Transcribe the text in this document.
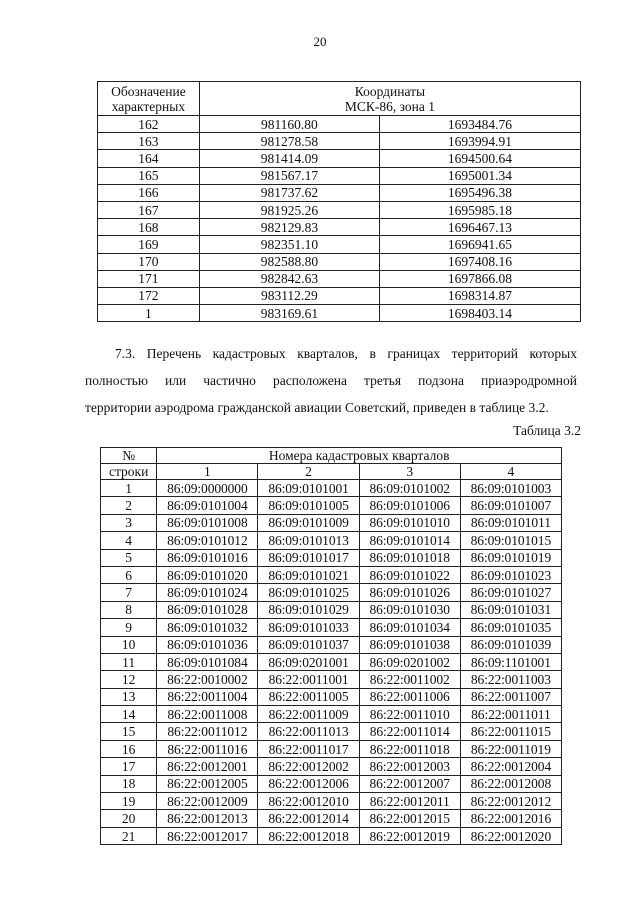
20
Обозначение характерных	Координаты
МСК-86, зона 1	

162	981160.80	1693484.76
163	981278.58	1693994.91
164	981414.09	1694500.64
165	981567.17	1695001.34
166	981737.62	1695496.38
167	981925.26	1695985.18
168	982129.83	1696467.13
169	982351.10	1696941.65
170	982588.80	1697408.16
171	982842.63	1697866.08
172	983112.29	1698314.87
1	983169.61	1698403.14
7.3. Перечень кадастровых кварталов, в границах территорий которых
полностью или частично расположена третья подзона приаэродромной
территории аэродрома гражданской авиации Советский, приведен в таблице 3.2.
Таблица 3.2
№	Номера кадастровых кварталов			
строки	1	2	3	4
1	86:09:0000000	86:09:0101001	86:09:0101002	86:09:0101003
2	86:09:0101004	86:09:0101005	86:09:0101006	86:09:0101007
3	86:09:0101008	86:09:0101009	86:09:0101010	86:09:0101011
4	86:09:0101012	86:09:0101013	86:09:0101014	86:09:0101015
5	86:09:0101016	86:09:0101017	86:09:0101018	86:09:0101019
6	86:09:0101020	86:09:0101021	86:09:0101022	86:09:0101023
7	86:09:0101024	86:09:0101025	86:09:0101026	86:09:0101027
8	86:09:0101028	86:09:0101029	86:09:0101030	86:09:0101031
9	86:09:0101032	86:09:0101033	86:09:0101034	86:09:0101035
10	86:09:0101036	86:09:0101037	86:09:0101038	86:09:0101039
11	86:09:0101084	86:09:0201001	86:09:0201002	86:09:1101001
12	86:22:0010002	86:22:0011001	86:22:0011002	86:22:0011003
13	86:22:0011004	86:22:0011005	86:22:0011006	86:22:0011007
14	86:22:0011008	86:22:0011009	86:22:0011010	86:22:0011011
15	86:22:0011012	86:22:0011013	86:22:0011014	86:22:0011015
16	86:22:0011016	86:22:0011017	86:22:0011018	86:22:0011019
17	86:22:0012001	86:22:0012002	86:22:0012003	86:22:0012004
18	86:22:0012005	86:22:0012006	86:22:0012007	86:22:0012008
19	86:22:0012009	86:22:0012010	86:22:0012011	86:22:0012012
20	86:22:0012013	86:22:0012014	86:22:0012015	86:22:0012016
21	86:22:0012017	86:22:0012018	86:22:0012019	86:22:0012020
